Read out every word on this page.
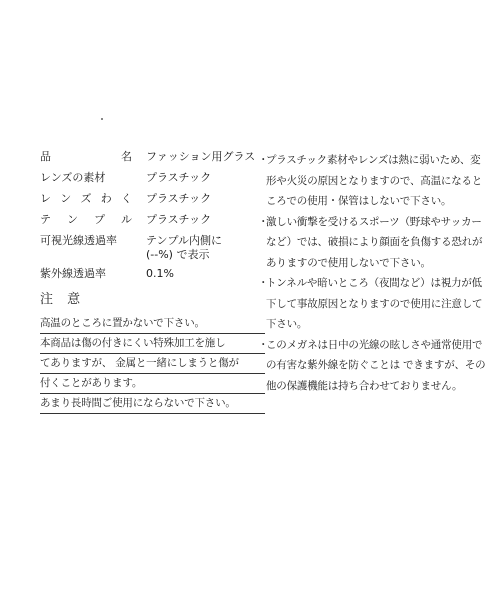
品	名 ファッション用グラス
レンズの素材	プラスチック
レ ン ズ わ く プラスチック
テ ン プ ル プラスチック
可視光線透過率	テンプル内側に
(--%) で表示
紫外線透過率	0.1%
注 意
高温のところに置かないで下さい。
本商品は傷の付きにくい特殊加工を施し
てありますが、 金属と一緒にしまうと傷が
付くことがあります。
あまり長時間ご使用にならないで下さい。
・
プラスチック素材やレンズは熱に弱いため、変形や火災の原因となりますので、高温になるところでの使用・保管はしないで下さい。
・
激しい衝撃を受けるスポーツ（野球やサッカーなど）では、破損により顔面を負傷する恐れがありますので使用しないで下さい。
・
トンネルや暗いところ（夜間など）は視力が低下して事故原因となりますので使用に注意して下さい。
・
このメガネは日中の光線の眩しさや通常使用での有害な紫外線を防ぐことは できますが、その他の保護機能は持ち合わせておりません。
